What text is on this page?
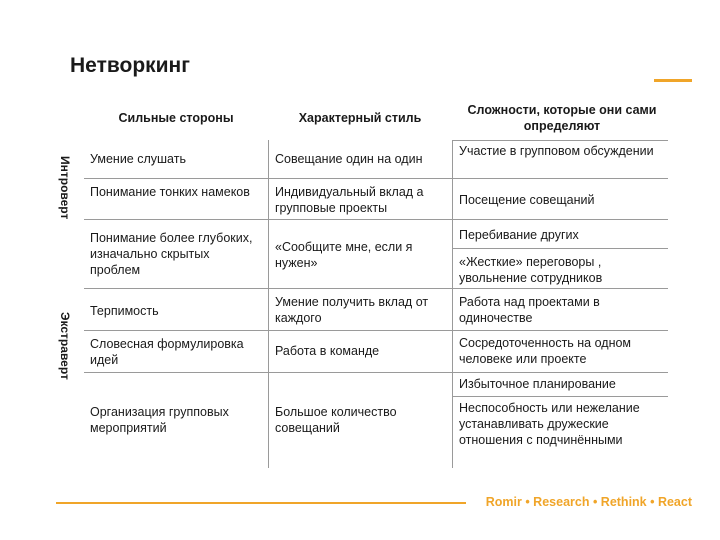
Нетворкинг
Интроверт
Экстраверт
Сильные стороны	Характерный стиль
Сложности, которые они сами определяют
Умение слушать
Понимание тонких намеков
Понимание более глубоких, изначально скрытых проблем
Терпимость
Словесная формулировка идей
Организация групповых мероприятий
Совещание один на один
Индивидуальный вклад а групповые проекты
«Сообщите мне, если я нужен»
Умение получить вклад от каждого
Работа в команде
Большое количество совещаний
Участие в групповом обсуждении
Посещение совещаний
Перебивание других
«Жесткие» переговоры , увольнение сотрудников
Работа над проектами в одиночестве
Сосредоточенность на одном человеке или проекте
Избыточное планирование
Неспособность или нежелание устанавливать дружеские отношения с подчинёнными
Romir • Research • Rethink • React
